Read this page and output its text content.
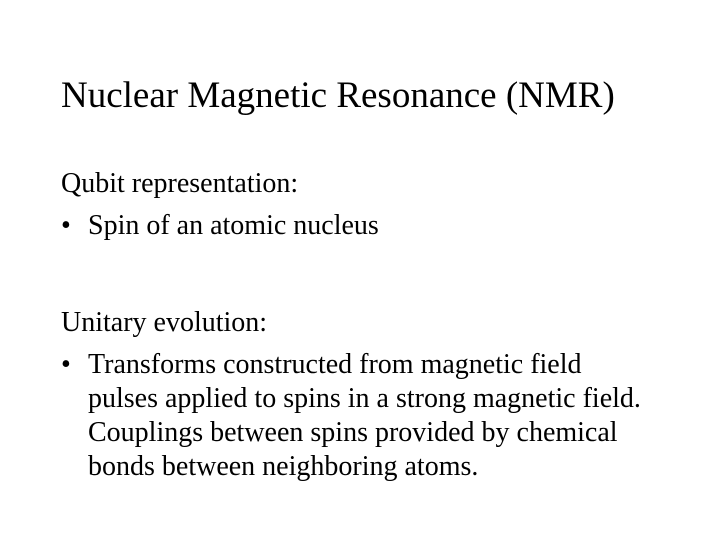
Nuclear Magnetic Resonance (NMR)
Qubit representation:
• Spin of an atomic nucleus
Unitary evolution:
• Transforms constructed from magnetic field pulses applied to spins in a strong magnetic field. Couplings between spins provided by chemical bonds between neighboring atoms.
